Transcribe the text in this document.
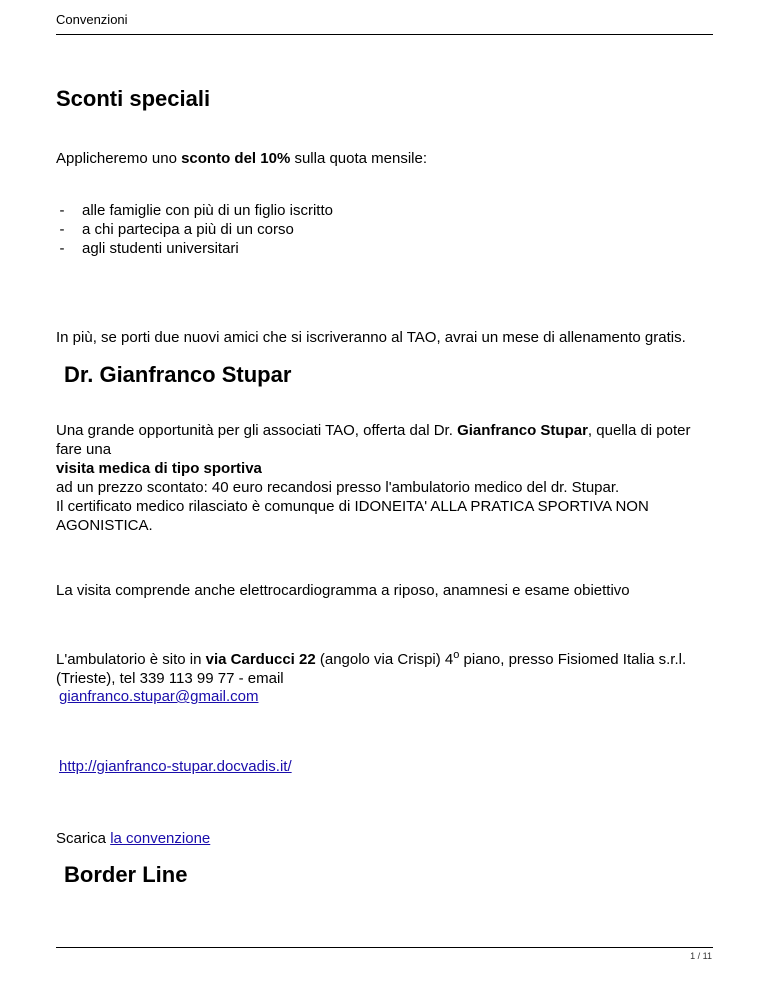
Convenzioni
Sconti speciali
Applicheremo uno sconto del 10% sulla quota mensile:
- alle famiglie con più di un figlio iscritto
- a chi partecipa a più di un corso
- agli studenti universitari
In più, se porti due nuovi amici che si iscriveranno al TAO, avrai un mese di allenamento gratis.
Dr. Gianfranco Stupar
Una grande opportunità per gli associati TAO, offerta dal Dr. Gianfranco Stupar, quella di poter fare una
visita medica di tipo sportiva
ad un prezzo scontato: 40 euro recandosi presso l'ambulatorio medico del dr. Stupar.
Il certificato medico rilasciato è comunque di IDONEITA' ALLA PRATICA SPORTIVA NON AGONISTICA.
La visita comprende anche elettrocardiogramma a riposo, anamnesi e esame obiettivo
L'ambulatorio è sito in via Carducci 22 (angolo via Crispi) 4$^o$ piano, presso Fisiomed Italia s.r.l. (Trieste), tel 339 113 99 77 - email
gianfranco.stupar@gmail.com
http://gianfranco-stupar.docvadis.it/
Scarica la convenzione
Border Line
1 / 11
